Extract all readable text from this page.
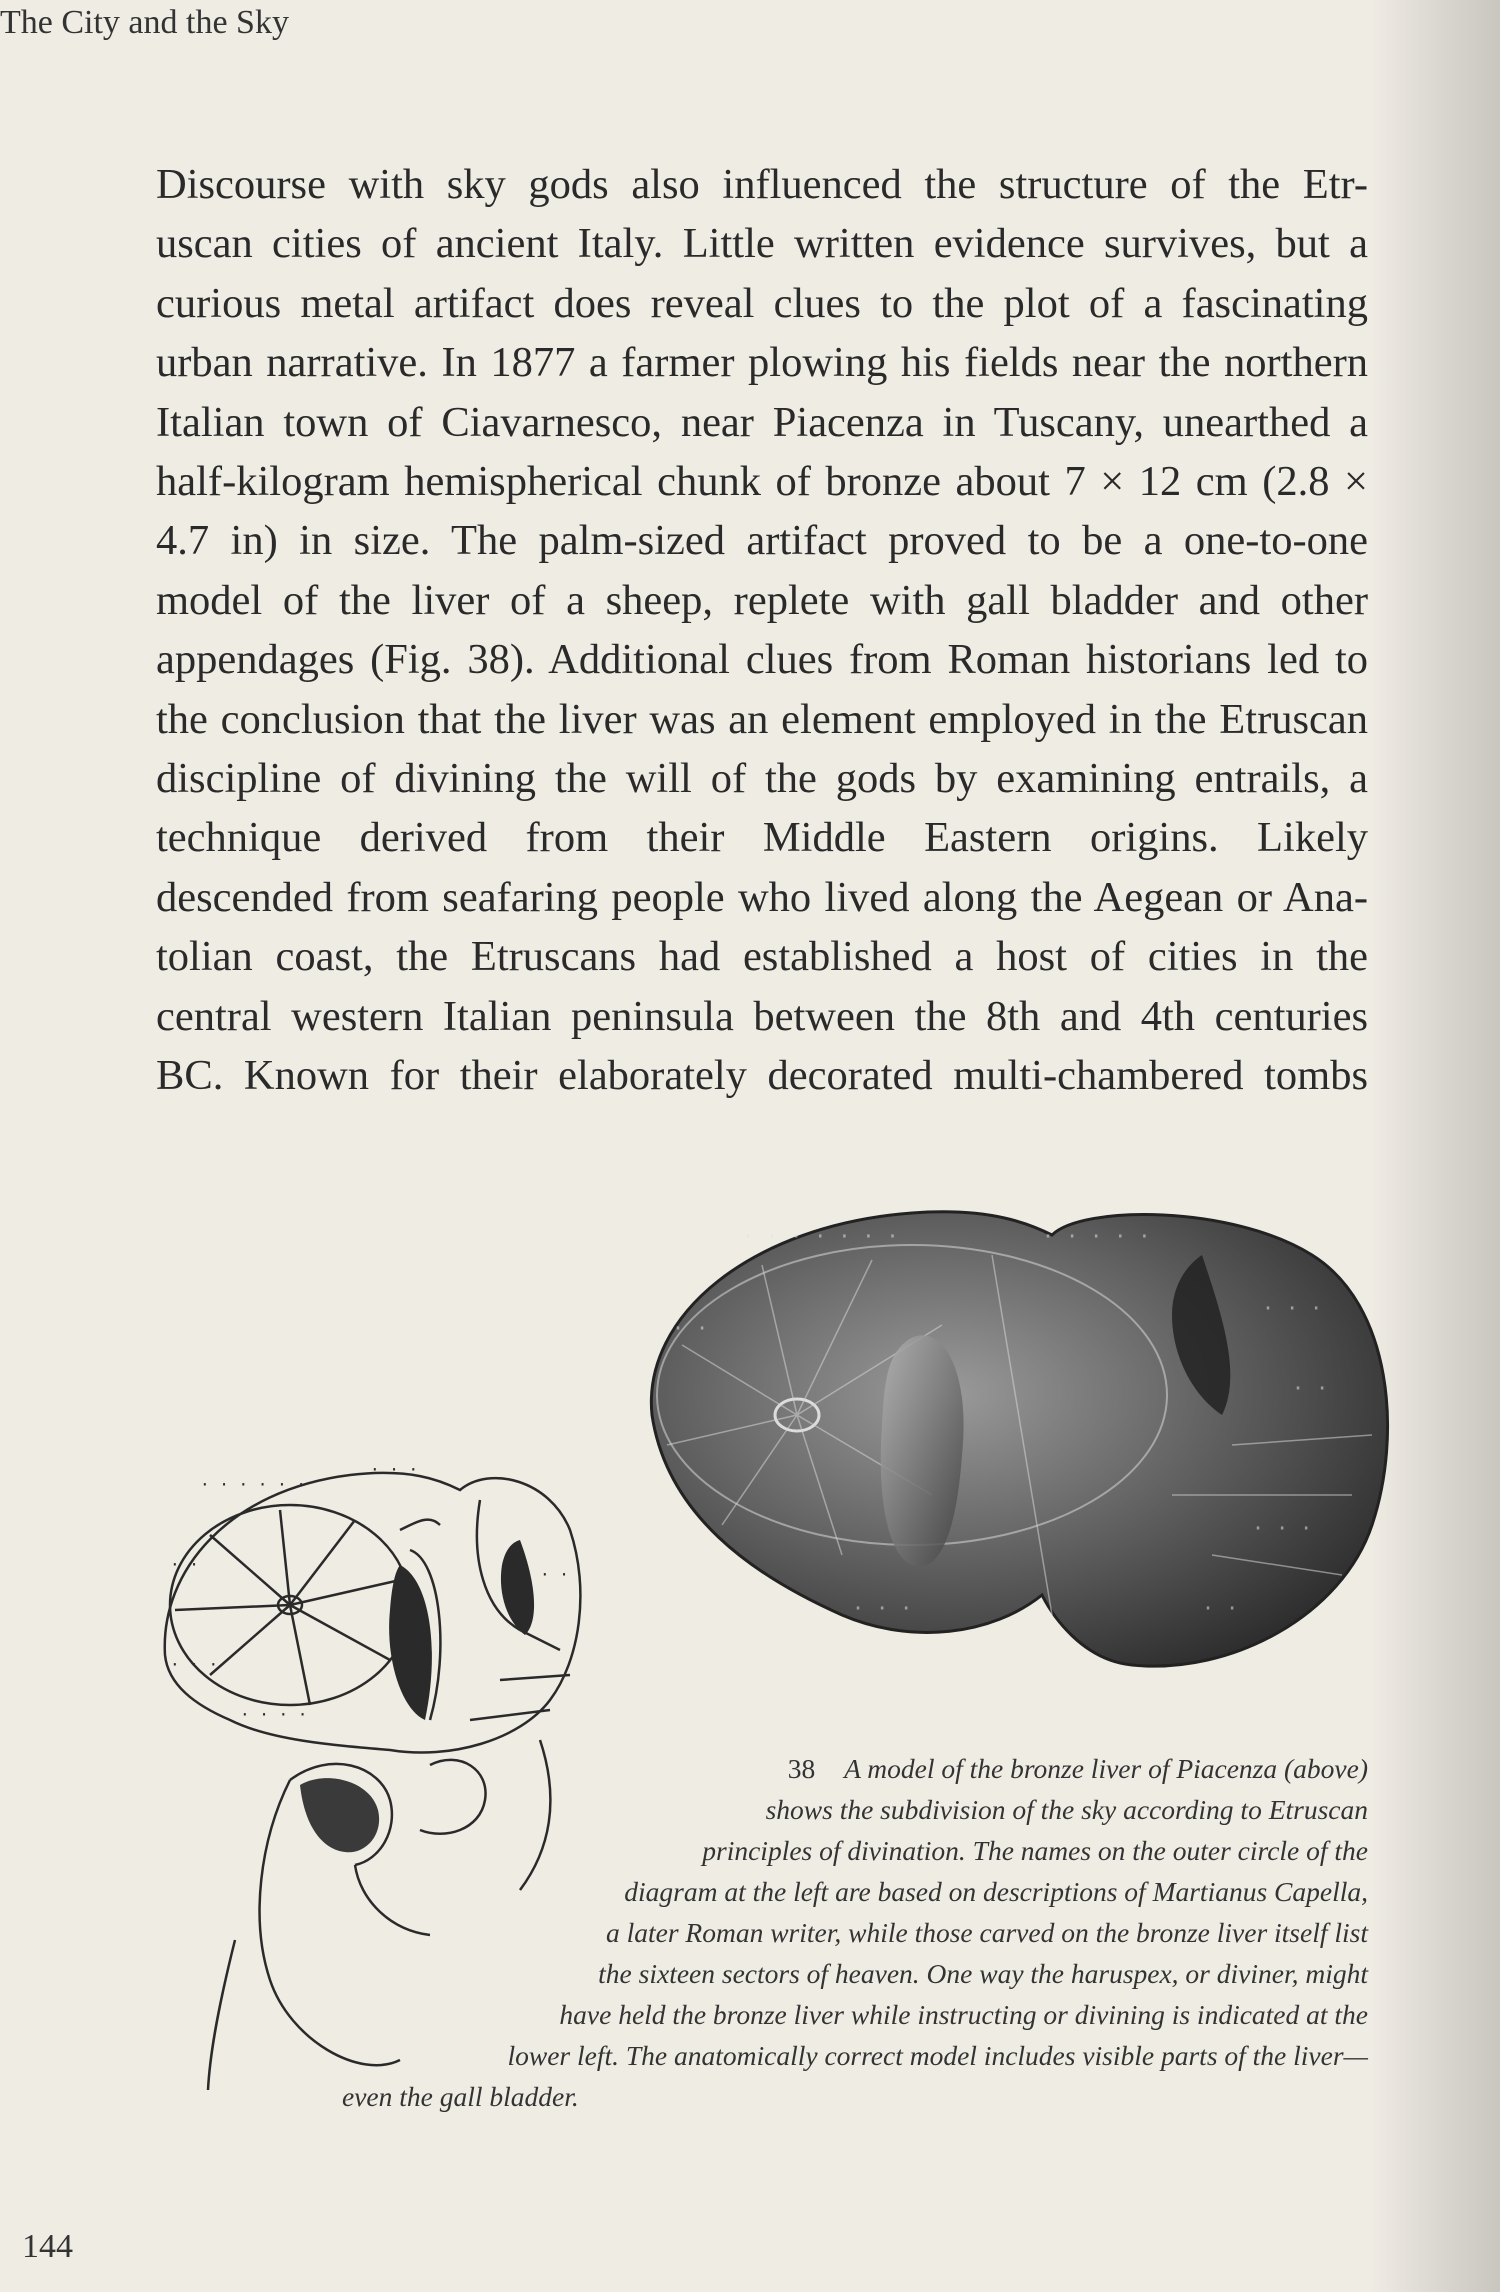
The City and the Sky
Discourse with sky gods also influenced the structure of the Etr-
uscan cities of ancient Italy. Little written evidence survives, but a
curious metal artifact does reveal clues to the plot of a fascinating
urban narrative. In 1877 a farmer plowing his fields near the northern
Italian town of Ciavarnesco, near Piacenza in Tuscany, unearthed a
half-kilogram hemispherical chunk of bronze about 7 × 12 cm (2.8 ×
4.7 in) in size. The palm-sized artifact proved to be a one-to-one
model of the liver of a sheep, replete with gall bladder and other
appendages (Fig. 38). Additional clues from Roman historians led to
the conclusion that the liver was an element employed in the Etruscan
discipline of divining the will of the gods by examining entrails, a
technique derived from their Middle Eastern origins. Likely
descended from seafaring people who lived along the Aegean or Ana-
tolian coast, the Etruscans had established a host of cities in the
central western Italian peninsula between the 8th and 4th centuries
BC. Known for their elaborately decorated multi-chambered tombs
· · · · · · ·	· · · · ·
· · ·
· ·
· · ·
· ·
· ·
· · ·
· · · · · ·
· · ·
· ·
· · ·
· · · ·
· ·
38 A model of the bronze liver of Piacenza (above)
shows the subdivision of the sky according to Etruscan
principles of divination. The names on the outer circle of the
diagram at the left are based on descriptions of Martianus Capella,
a later Roman writer, while those carved on the bronze liver itself list
the sixteen sectors of heaven. One way the haruspex, or diviner, might
have held the bronze liver while instructing or divining is indicated at the
lower left. The anatomically correct model includes visible parts of the liver—
even the gall bladder.
144
